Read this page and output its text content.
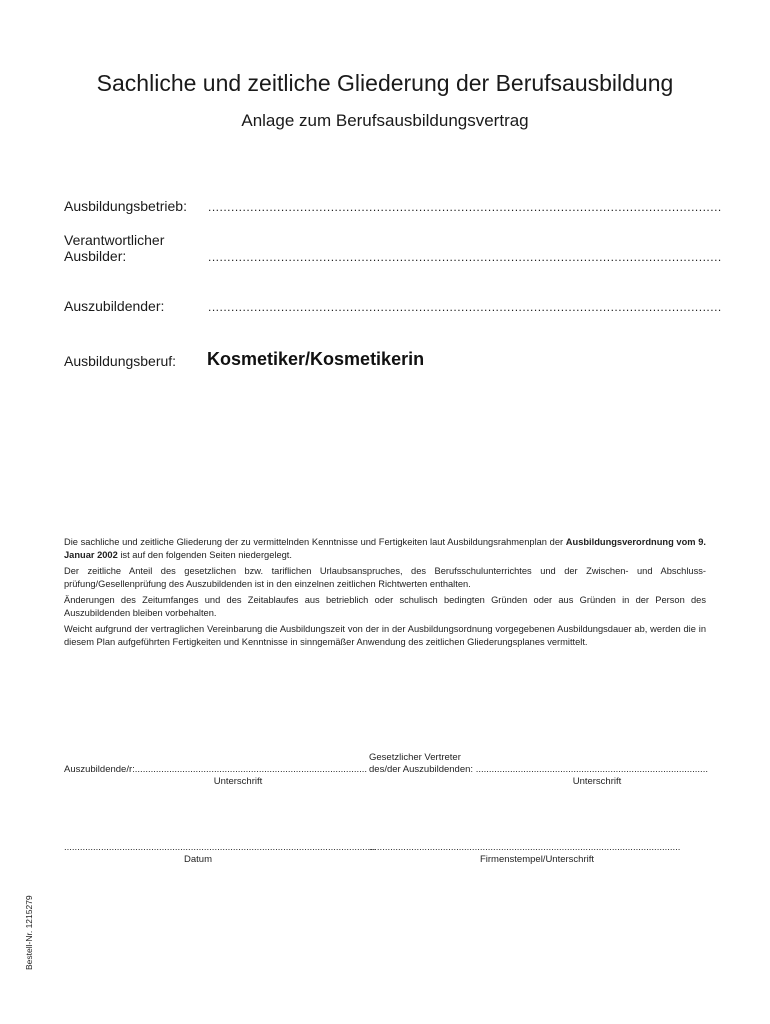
Sachliche und zeitliche Gliederung der Berufsausbildung
Anlage zum Berufsausbildungsvertrag
Ausbildungsbetrieb: ......................................................................................................................................
Verantwortlicher
Ausbilder:	......................................................................................................................................
Auszubildender:	......................................................................................................................................
Ausbildungsberuf: Kosmetiker/Kosmetikerin

Die sachliche und zeitliche Gliederung der zu vermittelnden Kenntnisse und Fertigkeiten laut Ausbildungsrahmenplan der Ausbildungsverordnung vom 9. Januar 2002 ist auf den folgenden Seiten niedergelegt.

Der zeitliche Anteil des gesetzlichen bzw. tariflichen Urlaubsanspruches, des Berufsschulunterrichtes und der Zwischen- und Abschlussprüfung/Gesellenprüfung des Auszubildenden ist in den einzelnen zeitlichen Richtwerten enthalten.

Änderungen des Zeitumfanges und des Zeitablaufes aus betrieblich oder schulisch bedingten Gründen oder aus Gründen in der Person des Auszubildenden bleiben vorbehalten.

Weicht aufgrund der vertraglichen Vereinbarung die Ausbildungszeit von der in der Ausbildungsordnung vorgegebenen Ausbildungsdauer ab, werden die in diesem Plan aufgeführten Fertigkeiten und Kenntnisse in sinngemäßer Anwendung des zeitlichen Gliederungsplanes vermittelt.

Auszubildende/r:........................................................................................
Unterschrift
Gesetzlicher Vertreter
des/der Auszubildenden: ........................................................................................
Unterschrift
......................................................................................................................
Datum
......................................................................................................................
Firmenstempel/Unterschrift
Bestell-Nr. 1215279
